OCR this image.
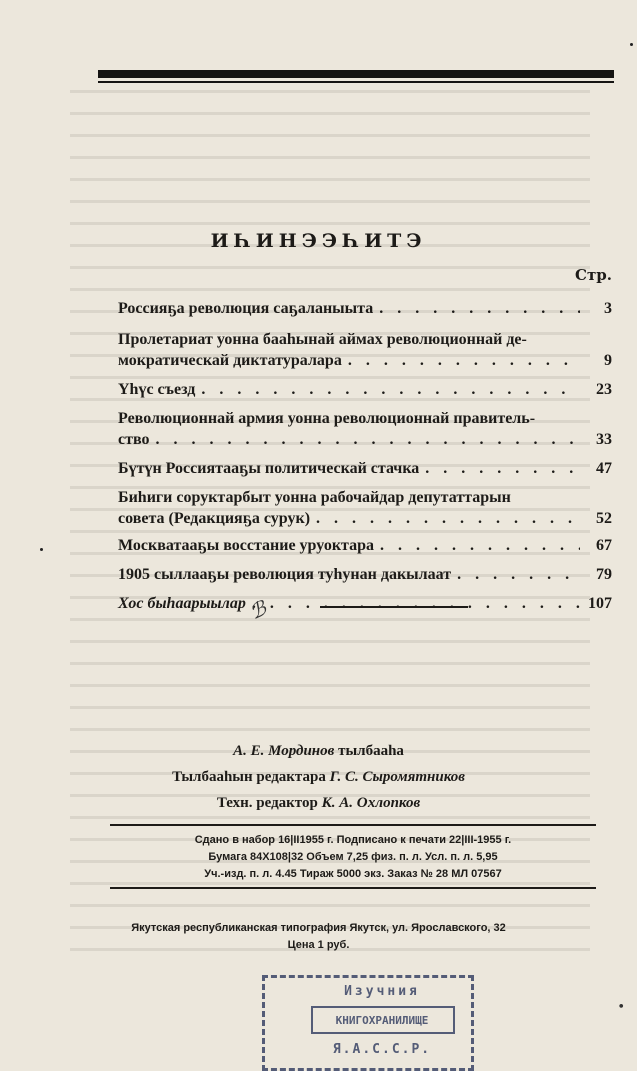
ИҺИНЭЭҺИТЭ
Стр.
Россияҕа революция саҕаланыыта . . .	3
Пролетариат уонна бааһынай аймах революционнай де-
мократическай диктатуралара . . .	9
Үһүс съезд . . .	23
Революционнай армия уонна революционнай правитель-
ство . . .	33
Бүтүн Россиятааҕы политическай стачка . . .	47
Биһиги соруктарбыт уонна рабочайдар депутаттарын
совета (Редакцияҕа сурук) . . .	52
Москватааҕы восстание уруоктара . . .	67
1905 сыллааҕы революция туһунан дакылаат . . .	79
Хос быһаарыылар . . .	107
ℬ
А. Е. Мординов тылбааһа
Тылбааһын редактара Г. С. Сыромятников
Техн. редактор К. А. Охлопков
Сдано в набор 16|II1955 г. Подписано к печати 22|III-1955 г.
Бумага 84Х108|32 Объем 7,25 физ. п. л. Усл. п. л. 5,95
Уч.-изд. п. л. 4.45 Тираж 5000 экз. Заказ № 28 МЛ 07567
Якутская республиканская типография Якутск, ул. Ярославского, 32
Цена 1 руб.
Изучния
КНИГОХРАНИЛИЩЕ
Я.А.С.С.Р.
•
